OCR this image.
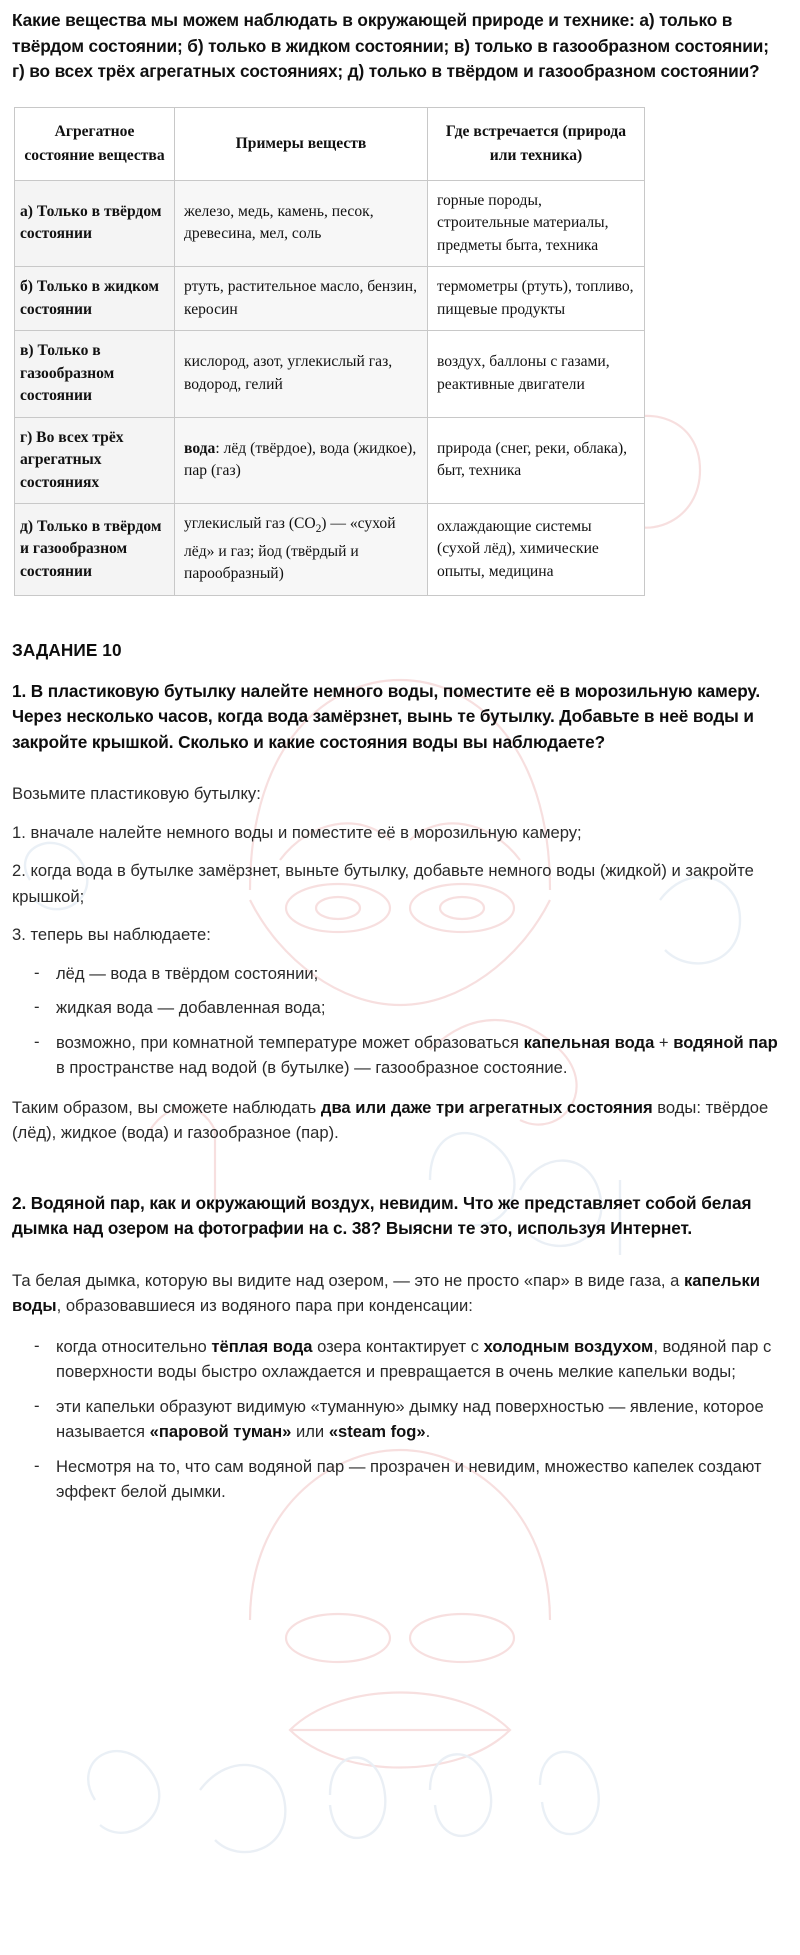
Какие вещества мы можем наблюдать в окружающей природе и технике: а) только в твёрдом состоянии; б) только в жидком состоянии; в) только в газообразном состоянии; г) во всех трёх агрегатных состояниях; д) только в твёрдом и газообразном состоянии?

Агрегатное состояние вещества	Примеры веществ	Где встречается (природа или техника)
а) Только в твёрдом состоянии	железо, медь, камень, песок, древесина, мел, соль	горные породы, строительные материалы, предметы быта, техника
б) Только в жидком состоянии	ртуть, растительное масло, бензин, керосин	термометры (ртуть), топливо, пищевые продукты
в) Только в газообразном состоянии	кислород, азот, углекислый газ, водород, гелий	воздух, баллоны с газами, реактивные двигатели
г) Во всех трёх агрегатных состояниях	вода: лёд (твёрдое), вода (жидкое), пар (газ)	природа (снег, реки, облака), быт, техника
д) Только в твёрдом и газообразном состоянии	углекислый газ $(CO_2)$ — «сухой лёд» и газ; йод (твёрдый и парообразный)	охлаждающие системы (сухой лёд), химические опыты, медицина
ЗАДАНИЕ 10

1. В пластиковую бутылку налейте немного воды, поместите её в морозильную камеру. Через несколько часов, когда вода замёрзнет, вынь те бутылку. Добавьте в неё воды и закройте крышкой. Сколько и какие состояния воды вы наблюдаете?

Возьмите пластиковую бутылку:

1. вначале налейте немного воды и поместите её в морозильную камеру;

2. когда вода в бутылке замёрзнет, выньте бутылку, добавьте немного воды (жидкой) и закройте крышкой;

3. теперь вы наблюдаете:

- лёд — вода в твёрдом состоянии;
- жидкая вода — добавленная вода;
- возможно, при комнатной температуре может образоваться капельная вода + водяной пар в пространстве над водой (в бутылке) — газообразное состояние.

Таким образом, вы сможете наблюдать два или даже три агрегатных состояния воды: твёрдое (лёд), жидкое (вода) и газообразное (пар).

2. Водяной пар, как и окружающий воздух, невидим. Что же представляет собой белая дымка над озером на фотографии на с. 38? Выясни те это, используя Интернет.

Та белая дымка, которую вы видите над озером, — это не просто «пар» в виде газа, а капельки воды, образовавшиеся из водяного пара при конденсации:

- когда относительно тёплая вода озера контактирует с холодным воздухом, водяной пар с поверхности воды быстро охлаждается и превращается в очень мелкие капельки воды;
- эти капельки образуют видимую «туманную» дымку над поверхностью — явление, которое называется «паровой туман» или «steam fog».
- Несмотря на то, что сам водяной пар — прозрачен и невидим, множество капелек создают эффект белой дымки.
